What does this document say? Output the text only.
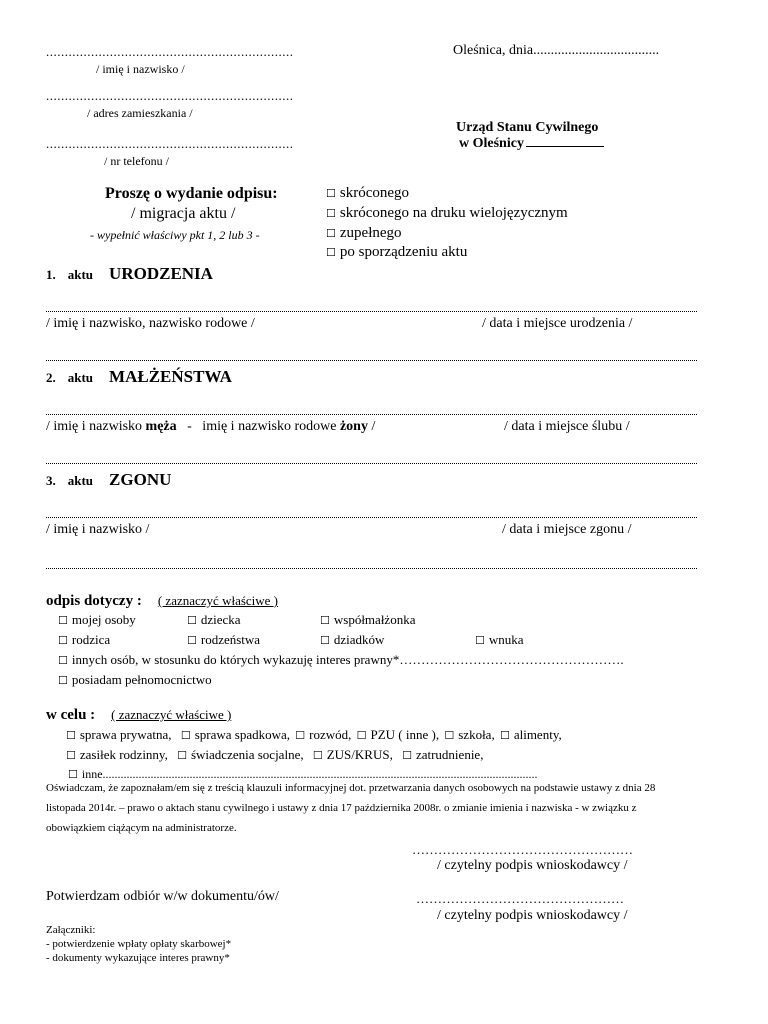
..................................................................
/ imię i nazwisko /
..................................................................
/ adres zamieszkania /
..................................................................
/ nr telefonu /
Oleśnica, dnia....................................
Urząd Stanu Cywilnego
w Oleśnicy
Proszę o wydanie odpisu:
/ migracja aktu /
- wypełnić właściwy pkt 1, 2 lub 3 -
☐ skróconego
☐ skróconego na druku wielojęzycznym
☐ zupełnego
☐ po sporządzeniu aktu
1. aktu URODZENIA
/ imię i nazwisko, nazwisko rodowe /	/ data i miejsce urodzenia /
2. aktu MAŁŻEŃSTWA
/ imię i nazwisko męża   -   imię i nazwisko rodowe żony /	/ data i miejsce ślubu /
3. aktu ZGONU
/ imię i nazwisko /	/ data i miejsce zgonu /
odpis dotyczy : ( zaznaczyć właściwe )
☐ mojej osoby	☐ dziecka	☐ współmałżonka
☐ rodzica	☐ rodzeństwa	☐ dziadków	☐ wnuka
☐ innych osób, w stosunku do których wykazuję interes prawny*…………………………………………….
☐ posiadam pełnomocnictwo
w celu : ( zaznaczyć właściwe )
☐ sprawa prywatna, ☐ sprawa spadkowa, ☐ rozwód, ☐ PZU ( inne ), ☐ szkoła, ☐ alimenty,
☐ zasiłek rodzinny, ☐ świadczenia socjalne, ☐ ZUS/KRUS, ☐ zatrudnienie,
☐ inne.................................................................................................................................................
Oświadczam, że zapoznałam/em się z treścią klauzuli informacyjnej dot. przetwarzania danych osobowych na podstawie ustawy z dnia 28
listopada 2014r. – prawo o aktach stanu cywilnego i ustawy z dnia 17 października 2008r. o zmianie imienia i nazwiska - w związku z
obowiązkiem ciążącym na administratorze.
……………………………………………
/ czytelny podpis wnioskodawcy /
Potwierdzam odbiór w/w dokumentu/ów/	…………………………………………
/ czytelny podpis wnioskodawcy /
Załączniki:
- potwierdzenie wpłaty opłaty skarbowej*
- dokumenty wykazujące interes prawny*
